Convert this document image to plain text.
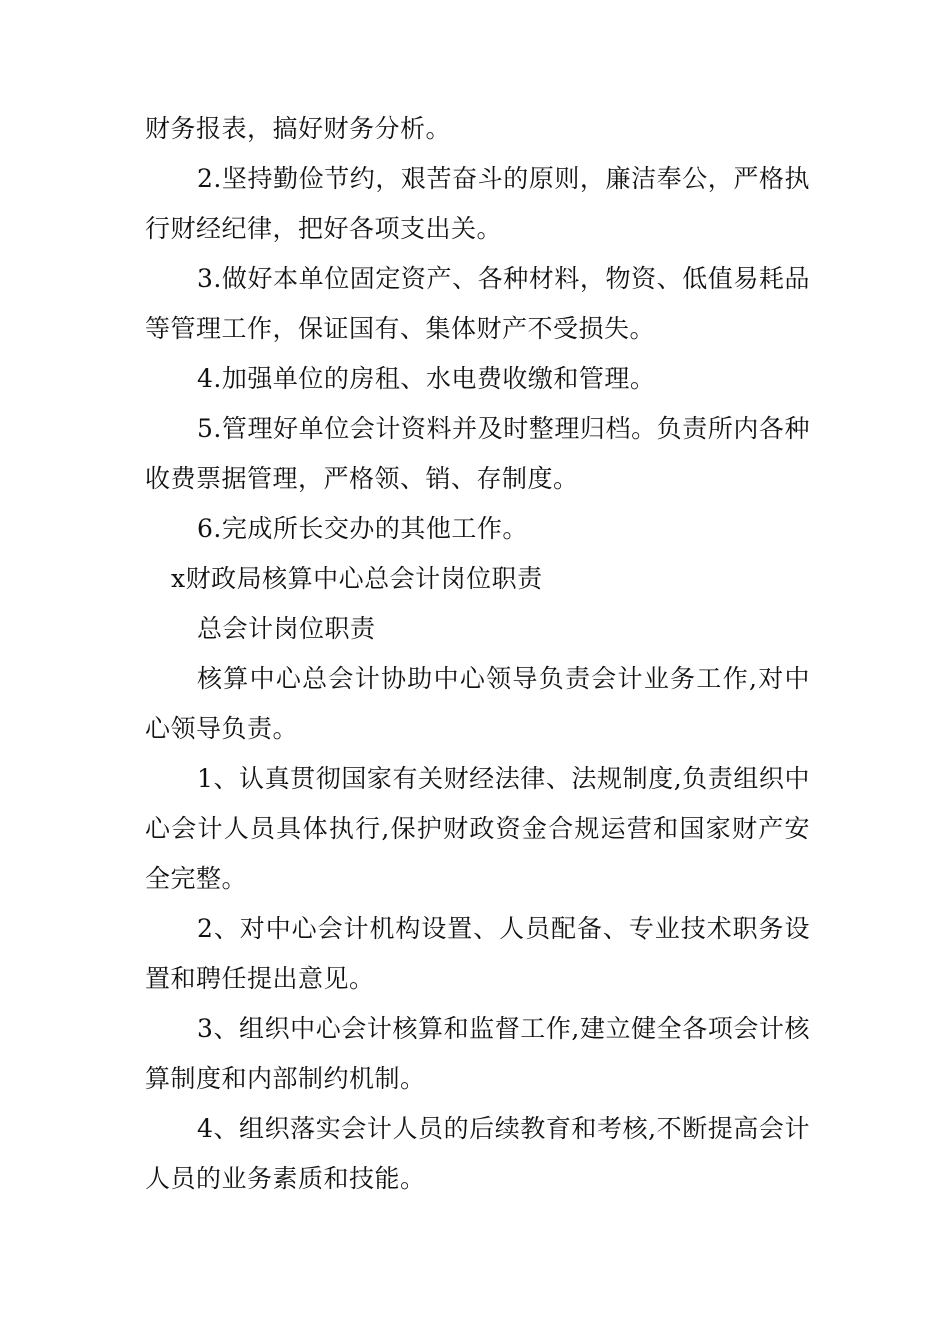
财务报表，搞好财务分析。

2.坚持勤俭节约，艰苦奋斗的原则，廉洁奉公，严格执行财经纪律，把好各项支出关。

3.做好本单位固定资产、各种材料，物资、低值易耗品等管理工作，保证国有、集体财产不受损失。

4.加强单位的房租、水电费收缴和管理。

5.管理好单位会计资料并及时整理归档。负责所内各种收费票据管理，严格领、销、存制度。

6.完成所长交办的其他工作。

x财政局核算中心总会计岗位职责

总会计岗位职责

核算中心总会计协助中心领导负责会计业务工作,对中心领导负责。

1、认真贯彻国家有关财经法律、法规制度,负责组织中心会计人员具体执行,保护财政资金合规运营和国家财产安全完整。

2、对中心会计机构设置、人员配备、专业技术职务设置和聘任提出意见。

3、组织中心会计核算和监督工作,建立健全各项会计核算制度和内部制约机制。

4、组织落实会计人员的后续教育和考核,不断提高会计人员的业务素质和技能。
